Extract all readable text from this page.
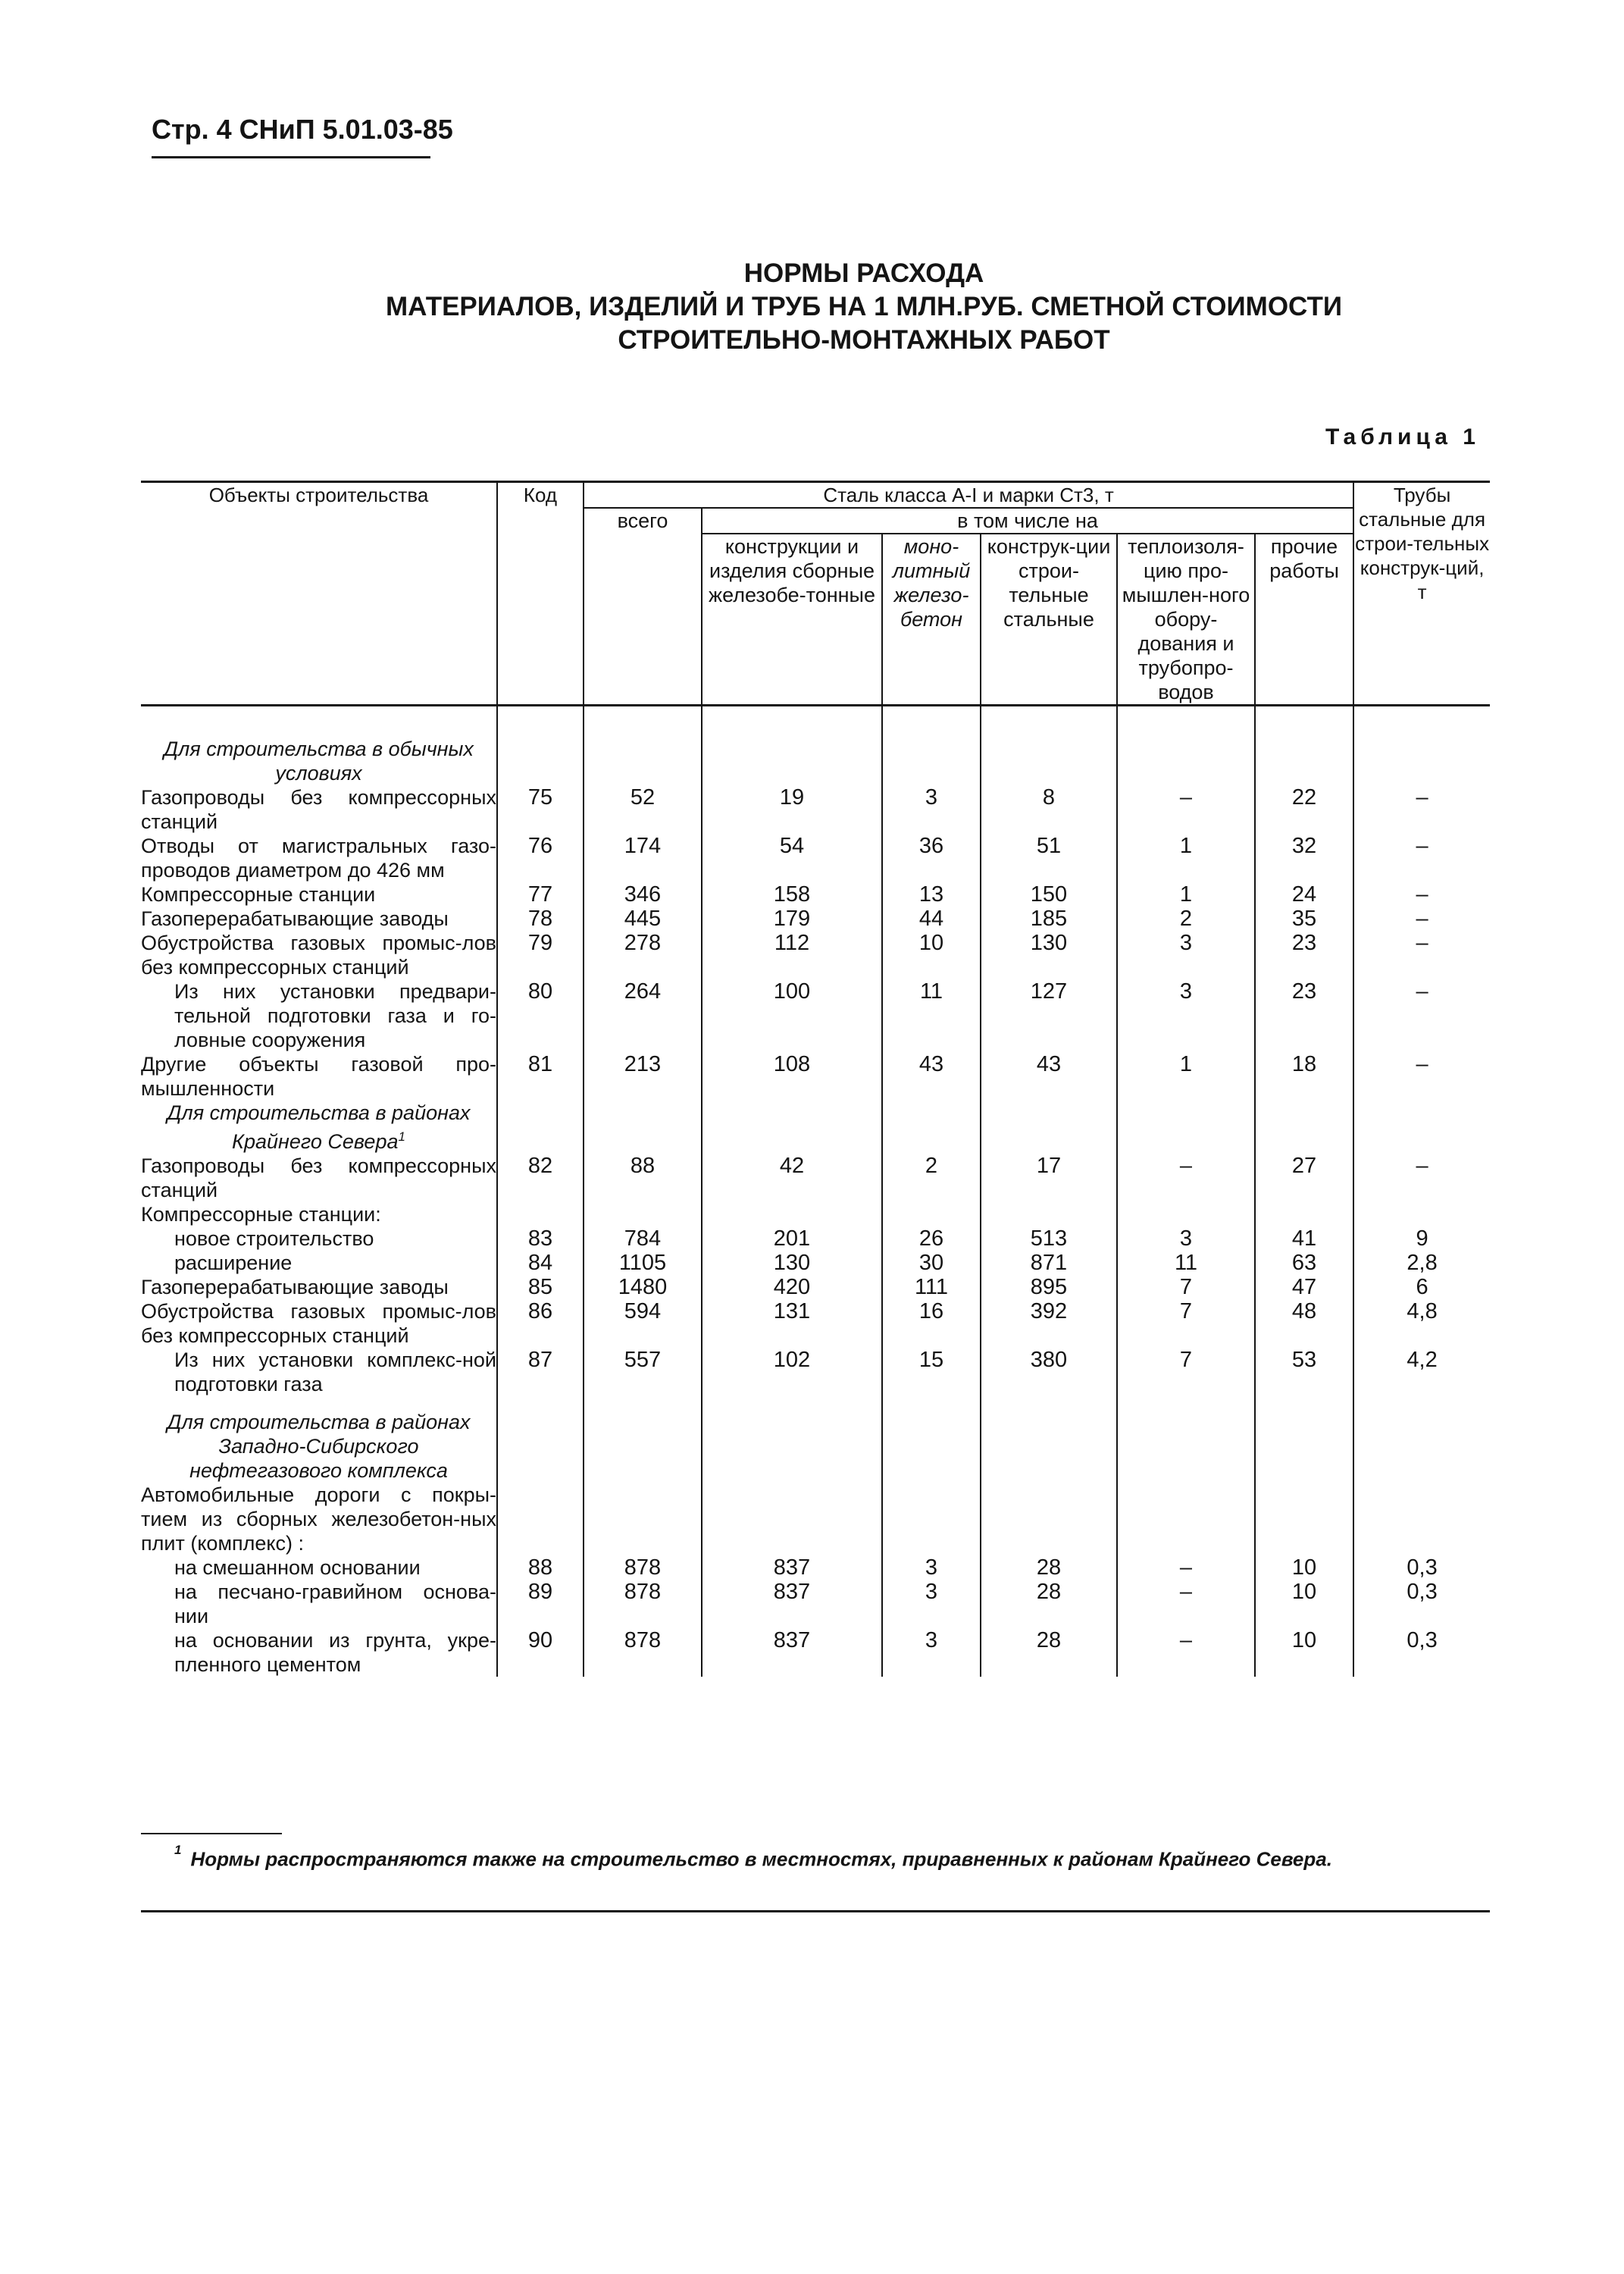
Стр. 4 СНиП 5.01.03-85
НОРМЫ РАСХОДА
МАТЕРИАЛОВ, ИЗДЕЛИЙ И ТРУБ НА 1 МЛН.РУБ. СМЕТНОЙ СТОИМОСТИ
СТРОИТЕЛЬНО-МОНТАЖНЫХ РАБОТ
Таблица 1
Объекты строительства	Код	Сталь класса А-I и марки Ст3, т						Трубы стальные для строи-тельных конструк-ций, т
		всего	в том числе на					
			конструкции и изделия сборные железобе-тонные	моно-литный железо-бетон	конструк-ции строи-тельные стальные	теплоизоля-цию про-мышлен-ного обору-дования и трубопро-водов	прочие работы	

Для строительства в обычных условиях								
Газопроводы без компрессорных станций	75	52	19	3	8	–	22	–
Отводы от магистральных газо-проводов диаметром до 426 мм	76	174	54	36	51	1	32	–
Компрессорные станции	77	346	158	13	150	1	24	–
Газоперерабатывающие заводы	78	445	179	44	185	2	35	–
Обустройства газовых промыс-лов без компрессорных станций	79	278	112	10	130	3	23	–
Из них установки предвари-тельной подготовки газа и го-ловные сооружения	80	264	100	11	127	3	23	–
Другие объекты газовой про-мышленности	81	213	108	43	43	1	18	–
Для строительства в районах Крайнего Севера$^1$								
Газопроводы без компрессорных станций	82	88	42	2	17	–	27	–
Компрессорные станции:								
новое строительство	83	784	201	26	513	3	41	9
расширение	84	1105	130	30	871	11	63	2,8
Газоперерабатывающие заводы	85	1480	420	111	895	7	47	6
Обустройства газовых промыс-лов без компрессорных станций	86	594	131	16	392	7	48	4,8
Из них установки комплекс-ной подготовки газа	87	557	102	15	380	7	53	4,2
Для строительства в районах Западно-Сибирского нефтегазового комплекса								
Автомобильные дороги с покры-тием из сборных железобетон-ных плит (комплекс) :								
на смешанном основании	88	878	837	3	28	–	10	0,3
на песчано-гравийном основа-нии	89	878	837	3	28	–	10	0,3
на основании из грунта, укре-пленного цементом	90	878	837	3	28	–	10	0,3
$^1$ Нормы распространяются также на строительство в местностях, приравненных к районам Крайнего Севера.
